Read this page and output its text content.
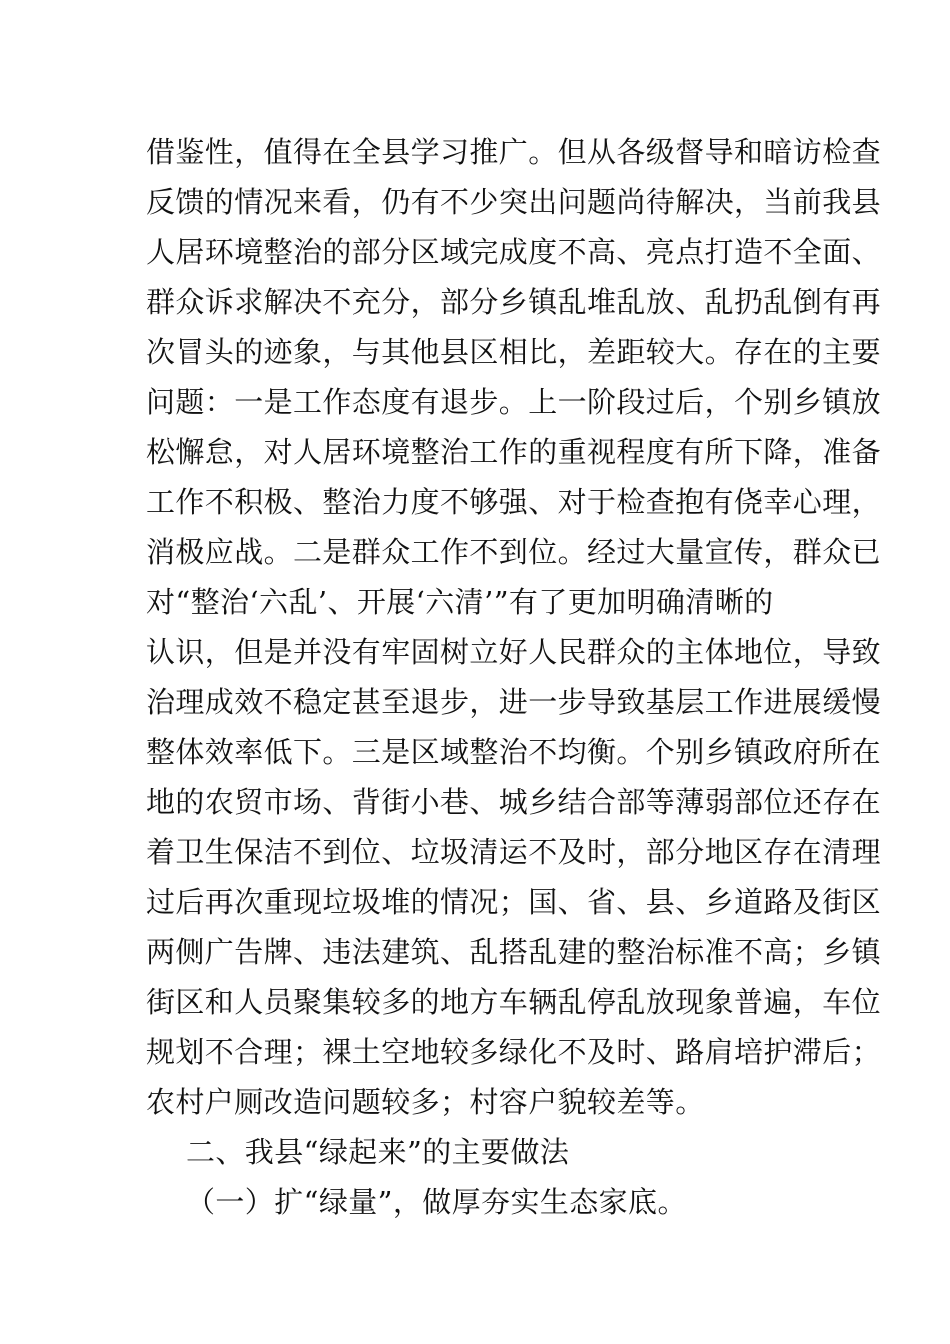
借鉴性，值得在全县学习推广。但从各级督导和暗访检查
反馈的情况来看，仍有不少突出问题尚待解决，当前我县
人居环境整治的部分区域完成度不高、亮点打造不全面、
群众诉求解决不充分，部分乡镇乱堆乱放、乱扔乱倒有再
次冒头的迹象，与其他县区相比，差距较大。存在的主要
问题：一是工作态度有退步。上一阶段过后，个别乡镇放
松懈怠，对人居环境整治工作的重视程度有所下降，准备
工作不积极、整治力度不够强、对于检查抱有侥幸心理，
消极应战。二是群众工作不到位。经过大量宣传，群众已
对“整治‘六乱’、开展‘六清’”有了更加明确清晰的
认识，但是并没有牢固树立好人民群众的主体地位，导致
治理成效不稳定甚至退步，进一步导致基层工作进展缓慢
整体效率低下。三是区域整治不均衡。个别乡镇政府所在
地的农贸市场、背街小巷、城乡结合部等薄弱部位还存在
着卫生保洁不到位、垃圾清运不及时，部分地区存在清理
过后再次重现垃圾堆的情况；国、省、县、乡道路及街区
两侧广告牌、违法建筑、乱搭乱建的整治标准不高；乡镇
街区和人员聚集较多的地方车辆乱停乱放现象普遍，车位
规划不合理；裸土空地较多绿化不及时、路肩培护滞后；
农村户厕改造问题较多；村容户貌较差等。
二、我县“绿起来”的主要做法
（一）扩“绿量”，做厚夯实生态家底。
